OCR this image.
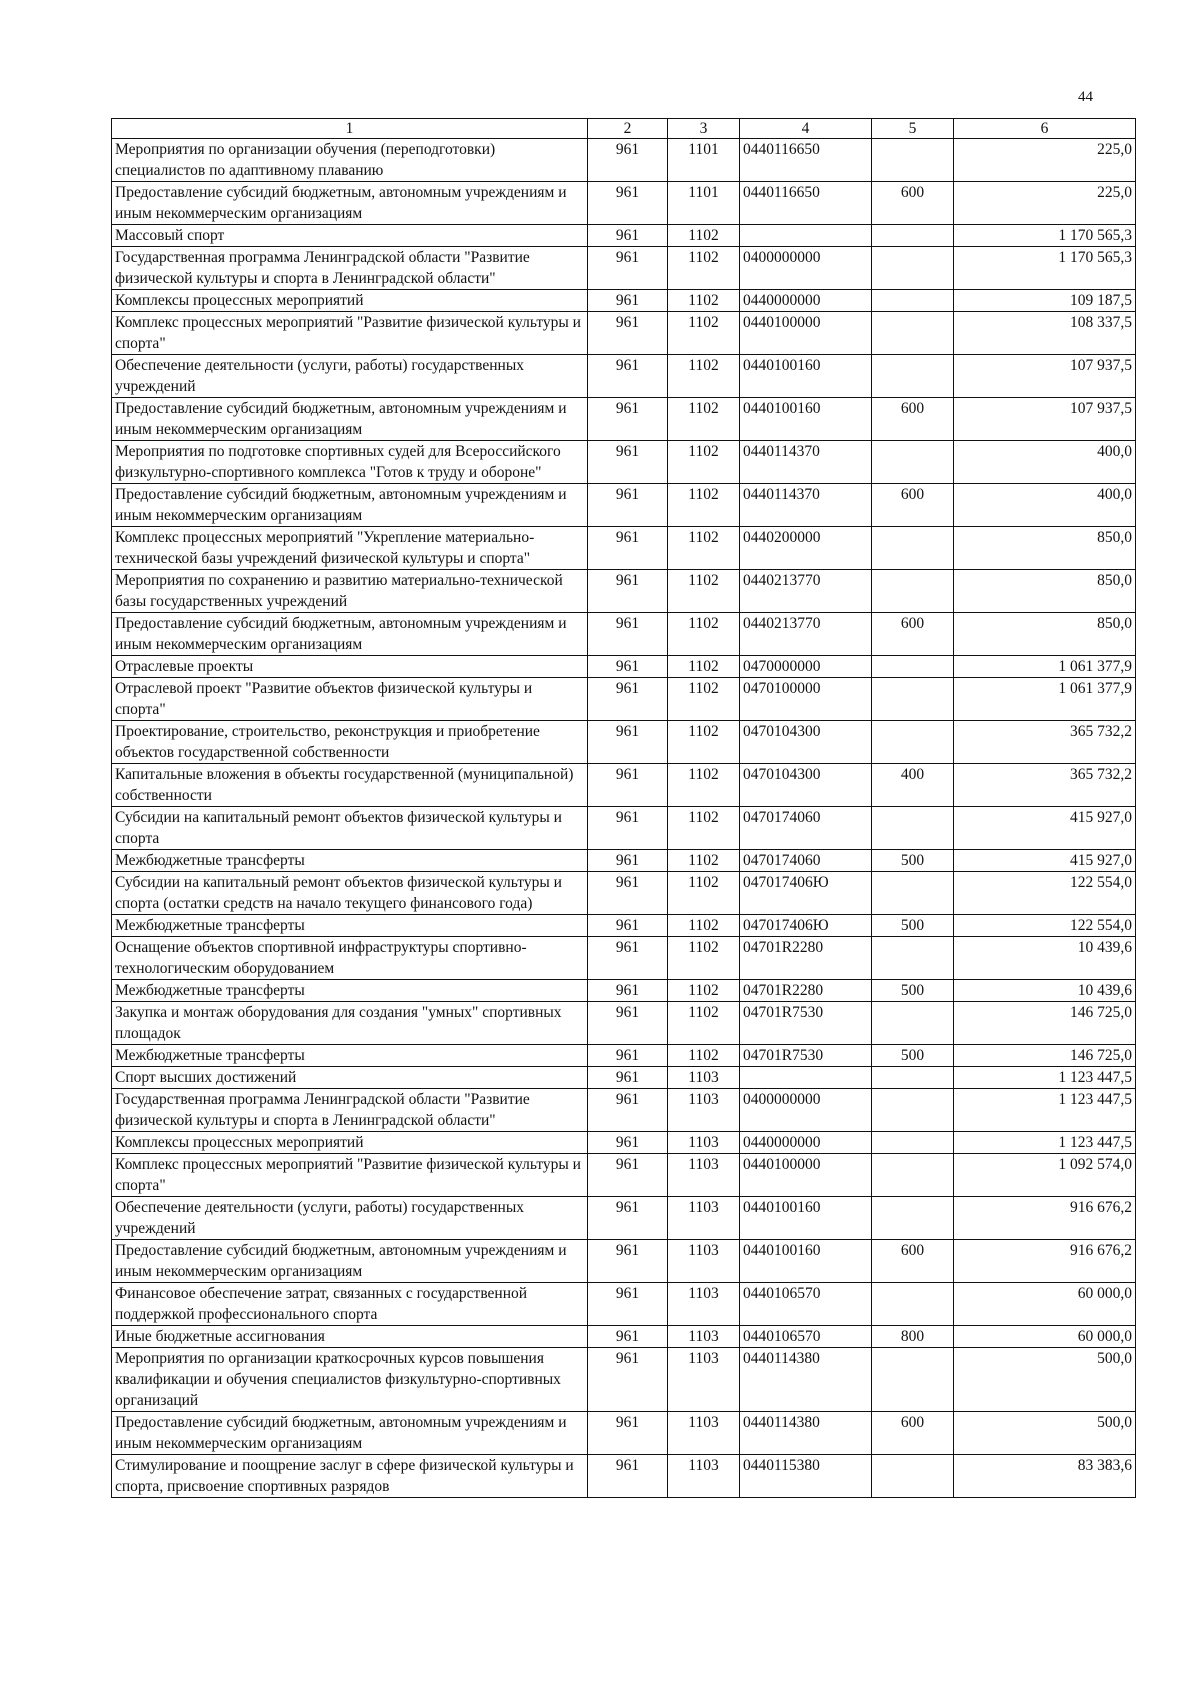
44
1	2	3	4	5	6
Мероприятия по организации обучения (переподготовки) специалистов по адаптивному плаванию	961	1101	0440116650		225,0
Предоставление субсидий бюджетным, автономным учреждениям и иным некоммерческим организациям	961	1101	0440116650	600	225,0
Массовый спорт	961	1102			1 170 565,3
Государственная программа Ленинградской области "Развитие физической культуры и спорта в Ленинградской области"	961	1102	0400000000		1 170 565,3
Комплексы процессных мероприятий	961	1102	0440000000		109 187,5
Комплекс процессных мероприятий "Развитие физической культуры и спорта"	961	1102	0440100000		108 337,5
Обеспечение деятельности (услуги, работы) государственных учреждений	961	1102	0440100160		107 937,5
Предоставление субсидий бюджетным, автономным учреждениям и иным некоммерческим организациям	961	1102	0440100160	600	107 937,5
Мероприятия по подготовке спортивных судей для Всероссийского физкультурно-спортивного комплекса "Готов к труду и обороне"	961	1102	0440114370		400,0
Предоставление субсидий бюджетным, автономным учреждениям и иным некоммерческим организациям	961	1102	0440114370	600	400,0
Комплекс процессных мероприятий "Укрепление материально-технической базы учреждений физической культуры и спорта"	961	1102	0440200000		850,0
Мероприятия по сохранению и развитию материально-технической базы государственных учреждений	961	1102	0440213770		850,0
Предоставление субсидий бюджетным, автономным учреждениям и иным некоммерческим организациям	961	1102	0440213770	600	850,0
Отраслевые проекты	961	1102	0470000000		1 061 377,9
Отраслевой проект "Развитие объектов физической культуры и спорта"	961	1102	0470100000		1 061 377,9
Проектирование, строительство, реконструкция и приобретение объектов государственной собственности	961	1102	0470104300		365 732,2
Капитальные вложения в объекты государственной (муниципальной) собственности	961	1102	0470104300	400	365 732,2
Субсидии на капитальный ремонт объектов физической культуры и спорта	961	1102	0470174060		415 927,0
Межбюджетные трансферты	961	1102	0470174060	500	415 927,0
Субсидии на капитальный ремонт объектов физической культуры и спорта (остатки средств на начало текущего финансового года)	961	1102	047017406Ю		122 554,0
Межбюджетные трансферты	961	1102	047017406Ю	500	122 554,0
Оснащение объектов спортивной инфраструктуры спортивно-технологическим оборудованием	961	1102	04701R2280		10 439,6
Межбюджетные трансферты	961	1102	04701R2280	500	10 439,6
Закупка и монтаж оборудования для создания "умных" спортивных площадок	961	1102	04701R7530		146 725,0
Межбюджетные трансферты	961	1102	04701R7530	500	146 725,0
Спорт высших достижений	961	1103			1 123 447,5
Государственная программа Ленинградской области "Развитие физической культуры и спорта в Ленинградской области"	961	1103	0400000000		1 123 447,5
Комплексы процессных мероприятий	961	1103	0440000000		1 123 447,5
Комплекс процессных мероприятий "Развитие физической культуры и спорта"	961	1103	0440100000		1 092 574,0
Обеспечение деятельности (услуги, работы) государственных учреждений	961	1103	0440100160		916 676,2
Предоставление субсидий бюджетным, автономным учреждениям и иным некоммерческим организациям	961	1103	0440100160	600	916 676,2
Финансовое обеспечение затрат, связанных с государственной поддержкой профессионального спорта	961	1103	0440106570		60 000,0
Иные бюджетные ассигнования	961	1103	0440106570	800	60 000,0
Мероприятия по организации краткосрочных курсов повышения квалификации и обучения специалистов физкультурно-спортивных организаций	961	1103	0440114380		500,0
Предоставление субсидий бюджетным, автономным учреждениям и иным некоммерческим организациям	961	1103	0440114380	600	500,0
Стимулирование и поощрение заслуг в сфере физической культуры и спорта, присвоение спортивных разрядов	961	1103	0440115380		83 383,6
